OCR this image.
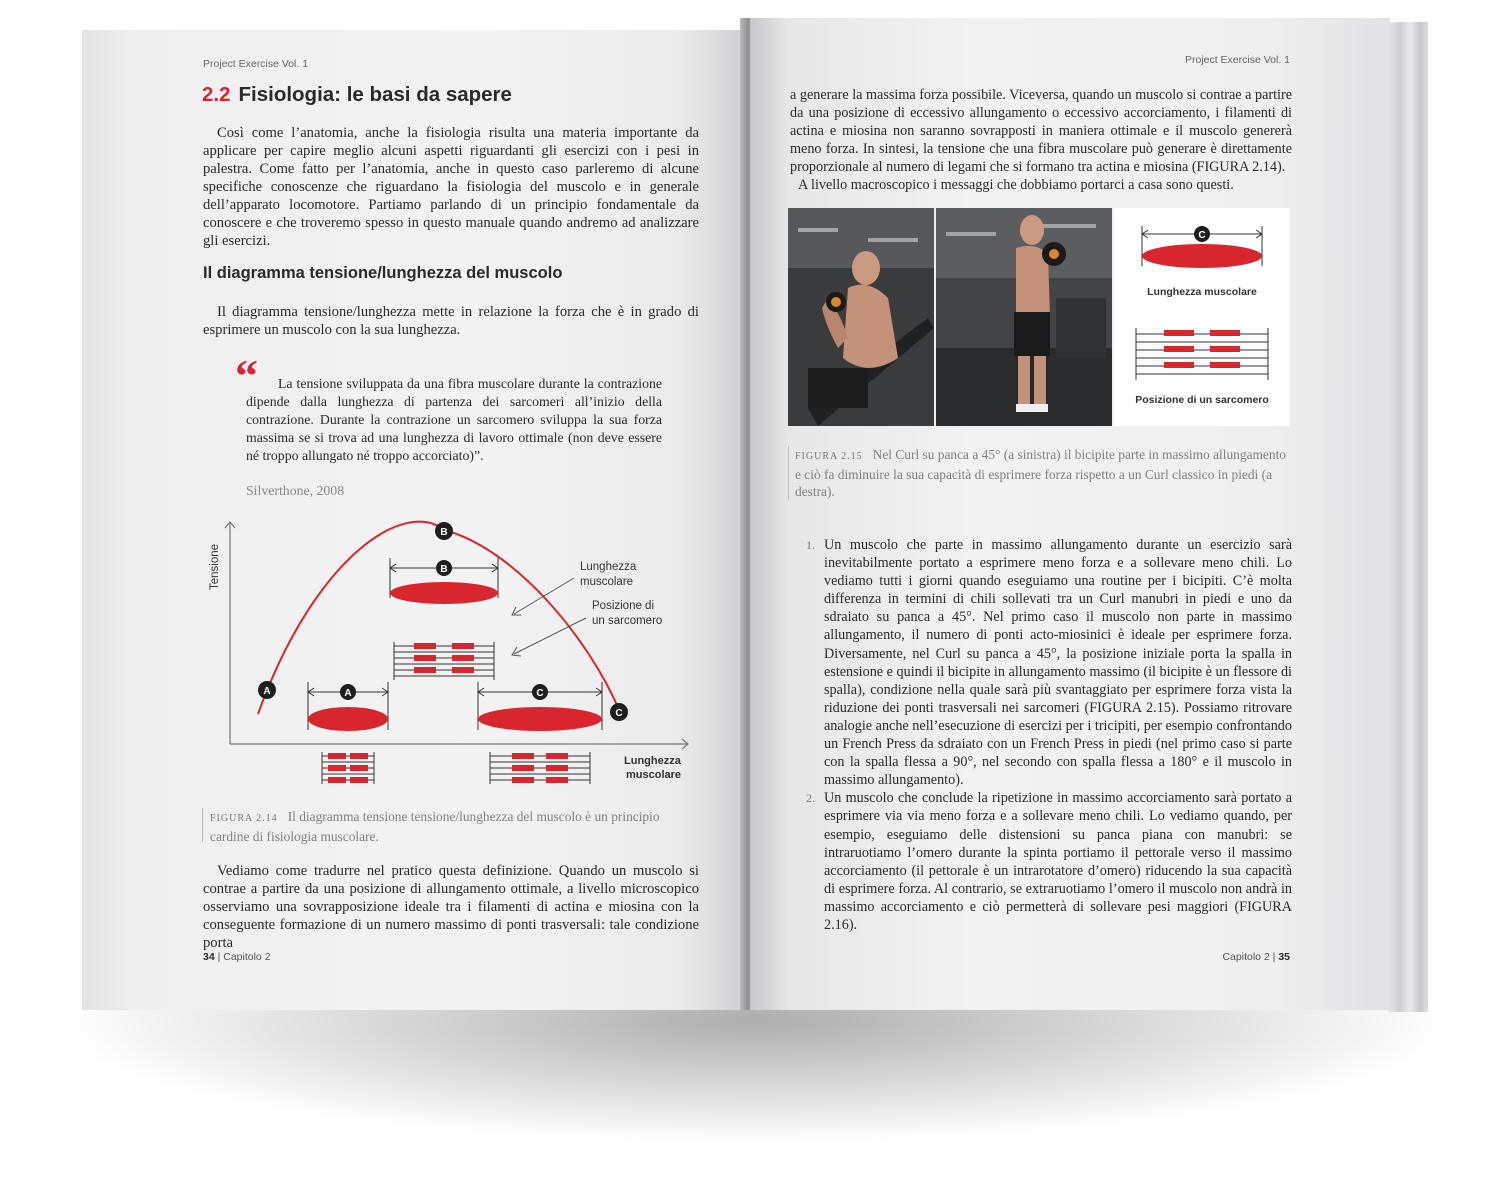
Project Exercise Vol. 1
2.2 Fisiologia: le basi da sapere

Così come l’anatomia, anche la fisiologia risulta una materia importante da applicare per capire meglio alcuni aspetti riguardanti gli esercizi con i pesi in palestra. Come fatto per l’anatomia, anche in questo caso parleremo di alcune specifiche conoscenze che riguardano la fisiologia del muscolo e in generale dell’apparato locomotore. Partiamo parlando di un principio fondamentale da conoscere e che troveremo spesso in questo manuale quando andremo ad analizzare gli esercizi.

Il diagramma tensione/lunghezza del muscolo

Il diagramma tensione/lunghezza mette in relazione la forza che è in grado di esprimere un muscolo con la sua lunghezza.

“	La tensione sviluppata da una fibra muscolare durante la contrazione dipende dalla lunghezza di partenza dei sarcomeri all’inizio della contrazione. Durante la contrazione un sarcomero sviluppa la sua forza massima se si trova ad una lunghezza di lavoro ottimale (non deve essere né troppo allungato né troppo accorciato)”.

Silverthone, 2008
Tensione
Lunghezza
muscolare
A
B
C
B	Lunghezza
muscolare
Posizione di
un sarcomero
A	C

FIGURA 2.14 Il diagramma tensione tensione/lunghezza del muscolo è un principio cardine di fisiologia muscolare.

Vediamo come tradurre nel pratico questa definizione. Quando un muscolo si contrae a partire da una posizione di allungamento ottimale, a livello microscopico osserviamo una sovrapposizione ideale tra i filamenti di actina e miosina con la conseguente formazione di un numero massimo di ponti trasversali: tale condizione porta

34 | Capitolo 2
Project Exercise Vol. 1

a generare la massima forza possibile. Viceversa, quando un muscolo si contrae a partire da una posizione di eccessivo allungamento o eccessivo accorciamento, i filamenti di actina e miosina non saranno sovrapposti in maniera ottimale e il muscolo genererà meno forza. In sintesi, la tensione che una fibra muscolare può generare è direttamente proporzionale al numero di legami che si formano tra actina e miosina (FIGURA 2.14).

A livello macroscopico i messaggi che dobbiamo portarci a casa sono questi.

C
Lunghezza muscolare
Posizione di un sarcomero

FIGURA 2.15 Nel Curl su panca a 45° (a sinistra) il bicipite parte in massimo allungamento e ciò fa diminuire la sua capacità di esprimere forza rispetto a un Curl classico in piedi (a destra).

1. Un muscolo che parte in massimo allungamento durante un esercizio sarà inevitabilmente portato a esprimere meno forza e a sollevare meno chili. Lo vediamo tutti i giorni quando eseguiamo una routine per i bicipiti. C’è molta differenza in termini di chili sollevati tra un Curl manubri in piedi e uno da sdraiato su panca a 45°. Nel primo caso il muscolo non parte in massimo allungamento, il numero di ponti acto-miosinici è ideale per esprimere forza. Diversamente, nel Curl su panca a 45°, la posizione iniziale porta la spalla in estensione e quindi il bicipite in allungamento massimo (il bicipite è un flessore di spalla), condizione nella quale sarà più svantaggiato per esprimere forza vista la riduzione dei ponti trasversali nei sarcomeri (FIGURA 2.15). Possiamo ritrovare analogie anche nell’esecuzione di esercizi per i tricipiti, per esempio confrontando un French Press da sdraiato con un French Press in piedi (nel primo caso si parte con la spalla flessa a 90°, nel secondo con spalla flessa a 180° e il muscolo in massimo allungamento).
2. Un muscolo che conclude la ripetizione in massimo accorciamento sarà portato a esprimere via via meno forza e a sollevare meno chili. Lo vediamo quando, per esempio, eseguiamo delle distensioni su panca piana con manubri: se intraruotiamo l’omero durante la spinta portiamo il pettorale verso il massimo accorciamento (il pettorale è un intrarotatore d’omero) riducendo la sua capacità di esprimere forza. Al contrario, se extraruotiamo l’omero il muscolo non andrà in massimo accorciamento e ciò permetterà di sollevare pesi maggiori (FIGURA 2.16).
Capitolo 2 | 35
